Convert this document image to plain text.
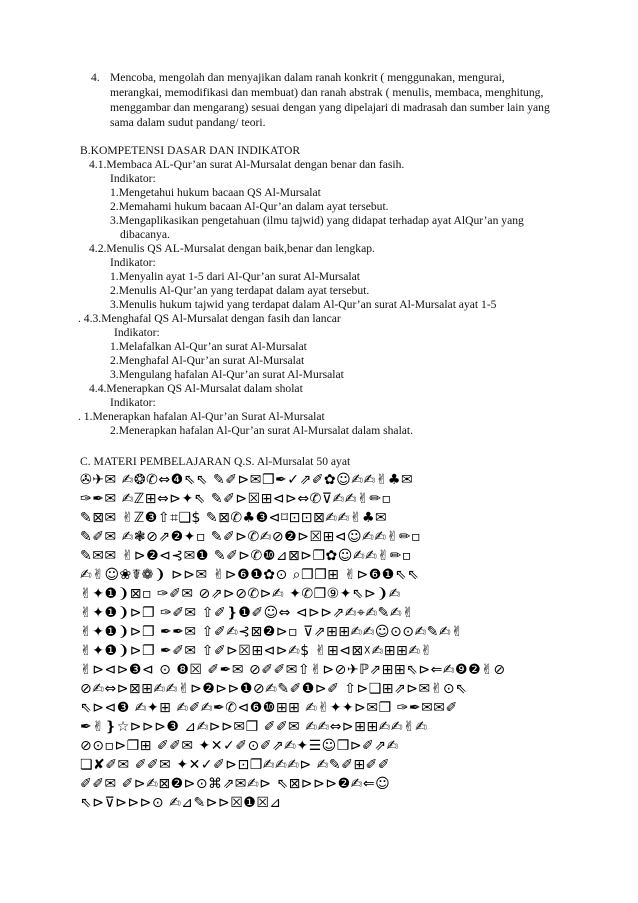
4. Mencoba, mengolah dan menyajikan dalam ranah konkrit ( menggunakan, mengurai,
merangkai, memodifikasi dan membuat) dan ranah abstrak ( menulis, membaca, menghitung,
menggambar dan mengarang) sesuai dengan yang dipelajari di madrasah dan sumber lain yang
sama dalam sudut pandang/ teori.
B.KOMPETENSI DASAR DAN INDIKATOR
4.1.Membaca AL-Qur’an surat Al-Mursalat dengan benar dan fasih.
Indikator:
1.Mengetahui hukum bacaan QS Al-Mursalat
2.Memahami hukum bacaan Al-Qur’an dalam ayat tersebut.
3.Mengaplikasikan pengetahuan (ilmu tajwid) yang didapat terhadap ayat AlQur’an yang
dibacanya.
4.2.Menulis QS AL-Mursalat dengan baik,benar dan lengkap.
Indikator:
1.Menyalin ayat 1-5 dari Al-Qur’an surat Al-Mursalat
2.Menulis Al-Qur’an yang terdapat dalam ayat tersebut.
3.Menulis hukum tajwid yang terdapat dalam Al-Qur’an surat Al-Mursalat ayat 1-5
. 4.3.Menghafal QS Al-Mursalat dengan fasih dan lancar
Indikator:
1.Melafalkan Al-Qur’an surat Al-Mursalat
2.Menghafal Al-Qur’an surat Al-Mursalat
3.Mengulang hafalan Al-Qur’an surat Al-Mursalat
4.4.Menerapkan QS Al-Mursalat dalam sholat
Indikator:
. 1.Menerapkan hafalan Al-Qur’an Surat Al-Mursalat
2.Menerapkan hafalan Al-Qur’an surat Al-Mursalat dalam shalat.
C. MATERI PEMBELAJARAN Q.S. Al-Mursalat 50 ayat
✇✈✉ ✍❂✆⇔❹⇖⇖ ✎✐⊳✉❐✒✓⇗✐✿☺✍✍✌♣✉
✑✒✉ ✍ℤ⊞⇔⊳✦⇖ ✎✐⊳☒⊞⊲⊳⇔✆⊽✍✍✌✏▫
✎⊠✉ ✌ℤ❸⇧⌗❑$ ✎⊠✆♣❸⊲⌑⊡⊡⊠✍✍✌♣✉
✎✐✉ ✍❃⊘⇗❷✦▫ ✎✐⊳✆✍⊘❷⊳☒⊞⊲☺✍✍✌✏▫
✎✉✉ ✌⊳❷⊲⊰✉❶ ✎✐⊳✆❿⊿⊠⊳❐✿☺✍✍✌✏▫
✍✌☺❀☤❁❩ ⊳⊳✉ ✌⊳❻❶✿⊙ ⌕❐❐⊞ ✌⊳❻❶⇖⇖
✌✦❶❩⊠▫ ✑✐✉ ⊘⇗⊳⊘✆⊳✍ ✦✆❐⑨✦⇖⊳❩✍
✌✦❶❩⊳❐ ✑✐✉ ⇧✐❵❶✐☺⇔ ⊲⊳⊳⇗✍⌖✍✎✍✌
✌✦❶❩⊳❐ ✒✒✉ ⇧✐✍⊰⊠❷⊳▫ ⊽⇗⊞⊞✍✍☺⊙⊙✍✎✍✌
✌✦❶❩⊳❐ ✒✐✉ ⇧✐⊳☒⊞⊲⊳✍$ ✌⊞⊲⊠☓✍⊞⊞✍✌
✌⊳⊲⊳❸⊲ ⊙ ❽☒ ✐✒✉ ⊘✐✐✉⇧✌⊳⊘✈ℙ⇗⊞⊞⇖⊳⇐✍❾❷✌⊘
⊘✍⇔⊳⊠⊞✍✍✌⊳❷⊳⊳❶⊘✍✎✐❶⊳✐ ⇧⊳❑⊞⇗⊳✉✌⊙⇖
⇖⊳⊲❸ ✍✦⊞ ✍✐✍✒✆⊲❻❿⊞⊞ ✍✌✦✦⊳✉❐ ✑✒✉✉✐
✒✌❵☆⊳⊳⊳❸ ⊿✍⊳⊳✉❐ ✐✐✉ ✍✍⇔⊳⊞⊞✍✍✌✍
⊘⊙▫⊳❐⊞ ✐✐✉ ✦✕✓✐⊙✐⇗✍✦☰☺❐⊳✐⇗✍
❏✘✐✉ ✐✐✉ ✦✕✓✐⊳⊡❐✍✍✍⊳ ✍✎✐⊞✐✐
✐✐✉ ✐⊳✍⊠❷⊳⊙⌘⇗✉✍⊳ ⇖⊠⊳⊳⊳❷✍⇐☺
⇖⊳⊽⊳⊳⊳⊙ ✍⊿✎⊳⊳☒❶☒⊿
